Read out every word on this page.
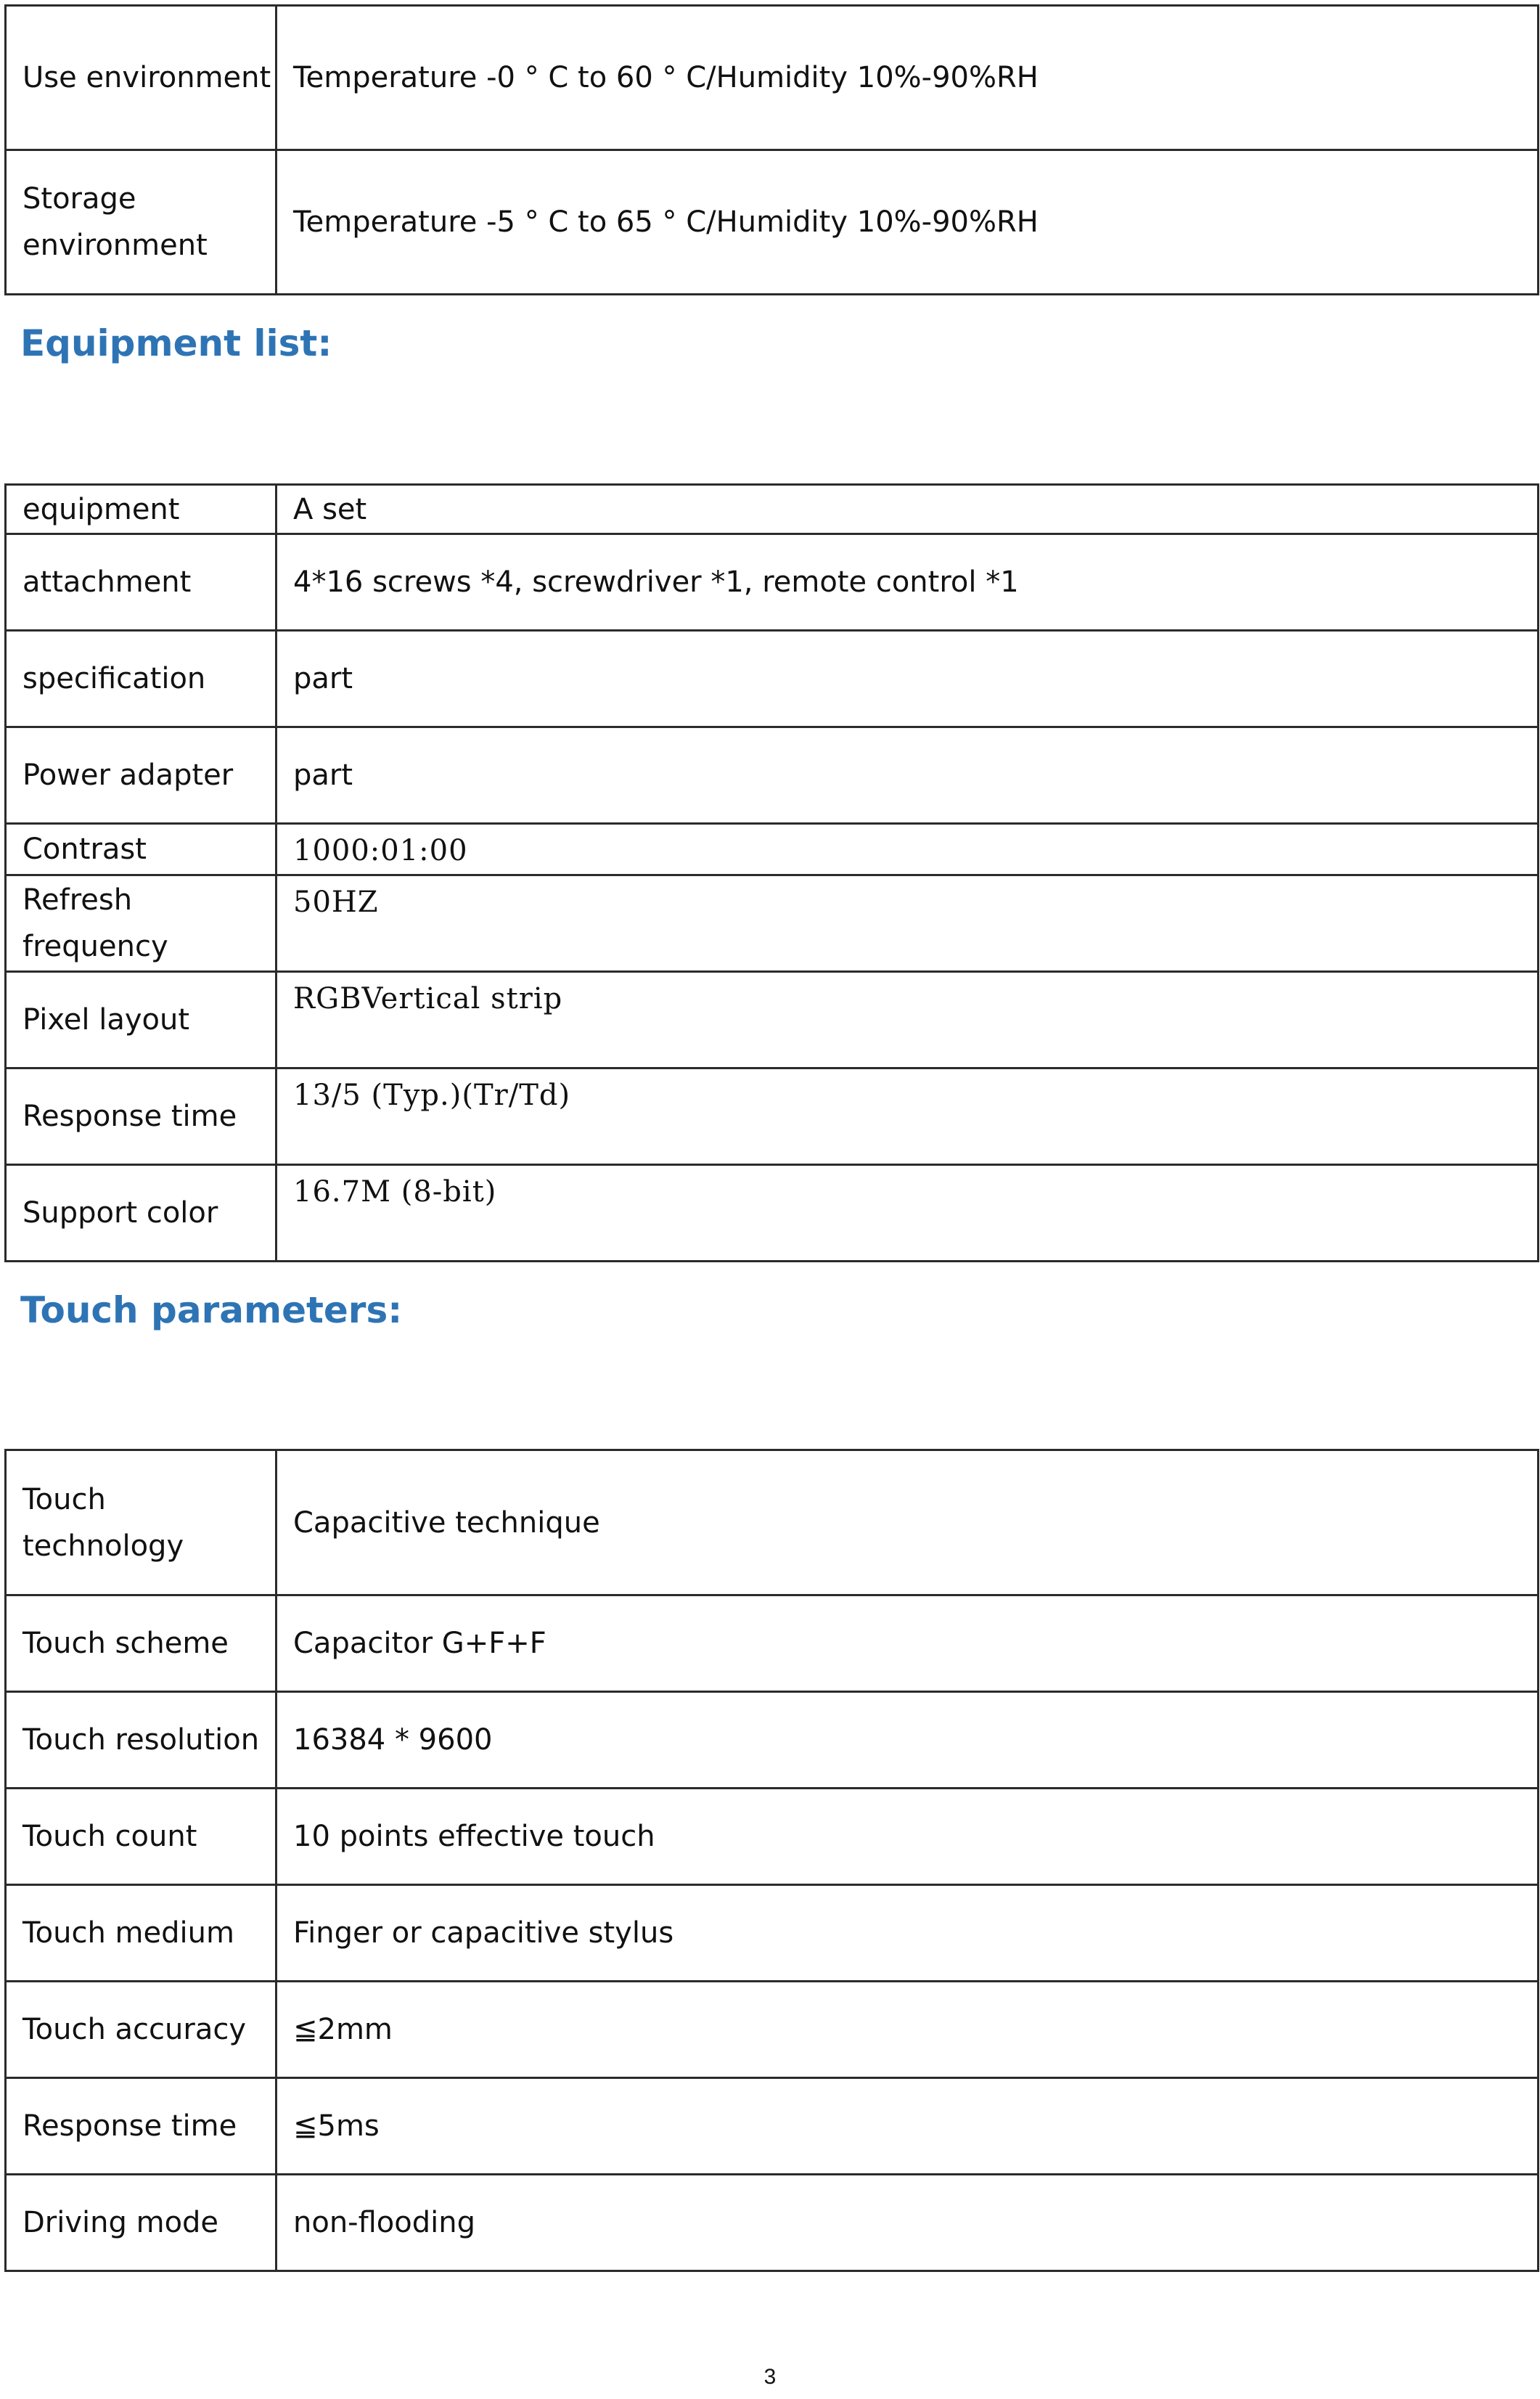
Use environment	Temperature -0 ° C to 60 ° C/Humidity 10%-90%RH
Storage environment	Temperature -5 ° C to 65 ° C/Humidity 10%-90%RH
Equipment list:
equipment	A set
attachment	4*16 screws *4, screwdriver *1, remote control *1
specification	part
Power adapter	part
Contrast	1000:01:00
Refresh frequency	50HZ
Pixel layout	RGBVertical strip
Response time	13/5 (Typ.)(Tr/Td)
Support color	16.7M (8-bit)
Touch parameters:
Touch technology	Capacitive technique
Touch scheme	Capacitor G+F+F
Touch resolution	16384 * 9600
Touch count	10 points effective touch
Touch medium	Finger or capacitive stylus
Touch accuracy	≦2mm
Response time	≦5ms
Driving mode	non-flooding
3
